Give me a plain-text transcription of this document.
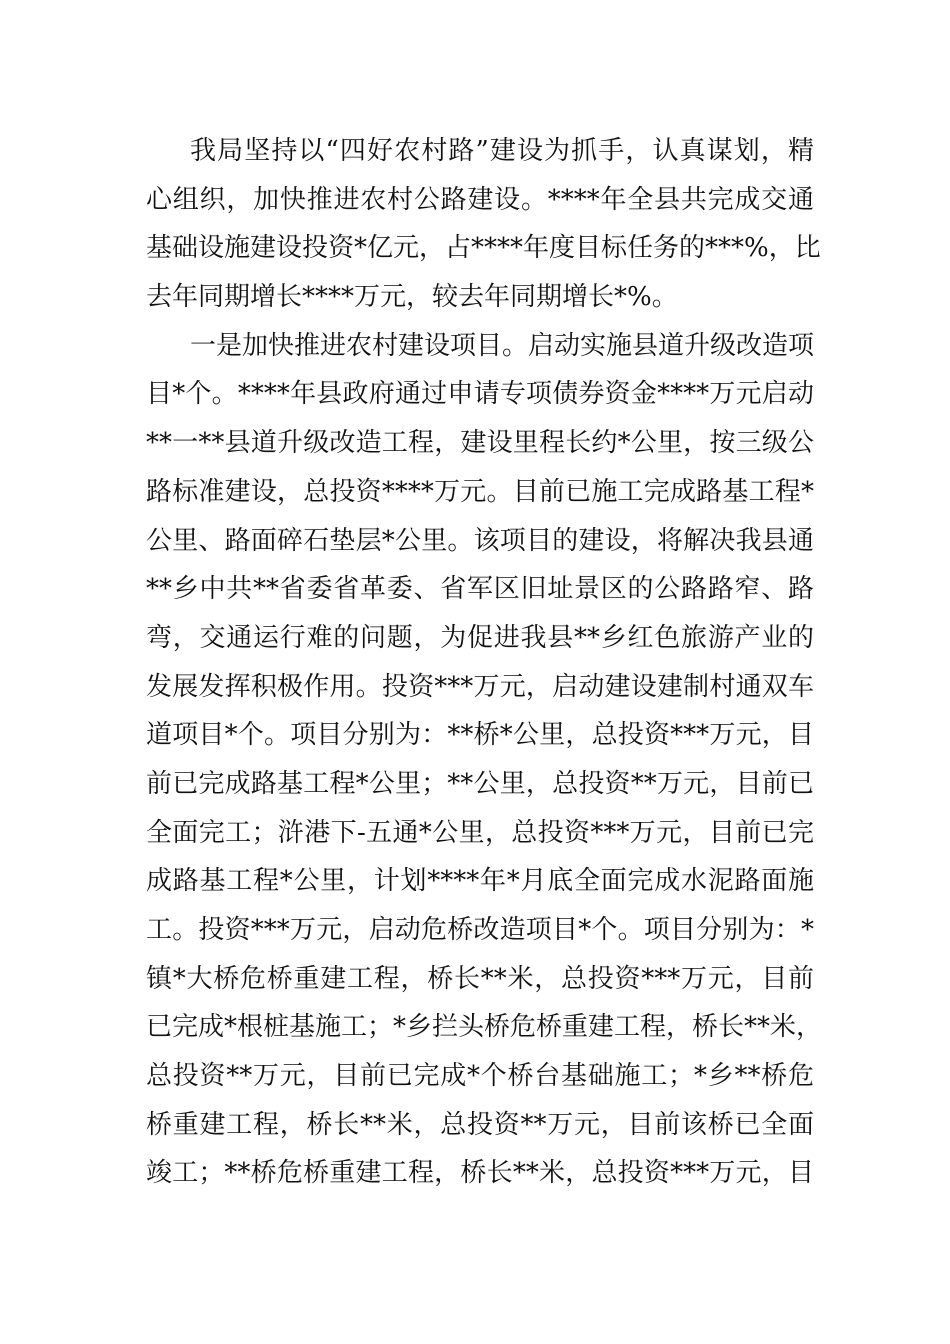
我局坚持以“四好农村路”建设为抓手，认真谋划，精
心组织，加快推进农村公路建设。****年全县共完成交通
基础设施建设投资*亿元，占****年度目标任务的***%，比
去年同期增长****万元，较去年同期增长*%。
一是加快推进农村建设项目。启动实施县道升级改造项
目*个。****年县政府通过申请专项债券资金****万元启动
**一**县道升级改造工程，建设里程长约*公里，按三级公
路标准建设，总投资****万元。目前已施工完成路基工程*
公里、路面碎石垫层*公里。该项目的建设，将解决我县通
**乡中共**省委省革委、省军区旧址景区的公路路窄、路
弯，交通运行难的问题，为促进我县**乡红色旅游产业的
发展发挥积极作用。投资***万元，启动建设建制村通双车
道项目*个。项目分别为：**桥*公里，总投资***万元，目
前已完成路基工程*公里；**公里，总投资**万元，目前已
全面完工；浒港下-五通*公里，总投资***万元，目前已完
成路基工程*公里，计划****年*月底全面完成水泥路面施
工。投资***万元，启动危桥改造项目*个。项目分别为：*
镇*大桥危桥重建工程，桥长**米，总投资***万元，目前
已完成*根桩基施工；*乡拦头桥危桥重建工程，桥长**米，
总投资**万元，目前已完成*个桥台基础施工；*乡**桥危
桥重建工程，桥长**米，总投资**万元，目前该桥已全面
竣工；**桥危桥重建工程，桥长**米，总投资***万元，目
